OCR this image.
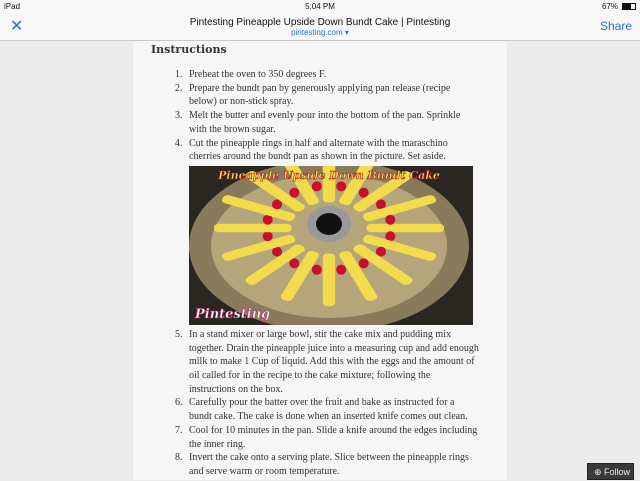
iPad	5:04 PM	67%
✕	Pintesting Pineapple Upside Down Bundt Cake | Pintesting
pintesting.com ▾	Share
Instructions
1. Preheat the oven to 350 degrees F.
2. Prepare the bundt pan by generously applying pan release (recipe below) or non-stick spray.
3. Melt the butter and evenly pour into the bottom of the pan. Sprinkle with the brown sugar.
4. Cut the pineapple rings in half and alternate with the maraschino cherries around the bundt pan as shown in the picture. Set aside.
Pineapple Upside Down Bundt Cake
Pintesting
5. In a stand mixer or large bowl, stir the cake mix and pudding mix together. Drain the pineapple juice into a measuring cup and add enough milk to make 1 Cup of liquid. Add this with the eggs and the amount of oil called for in the recipe to the cake mixture; following the instructions on the box.
6. Carefully pour the batter over the fruit and bake as instructed for a bundt cake. The cake is done when an inserted knife comes out clean.
7. Cool for 10 minutes in the pan. Slide a knife around the edges including the inner ring.
8. Invert the cake onto a serving plate. Slice between the pineapple rings and serve warm or room temperature.	⊕ Follow
